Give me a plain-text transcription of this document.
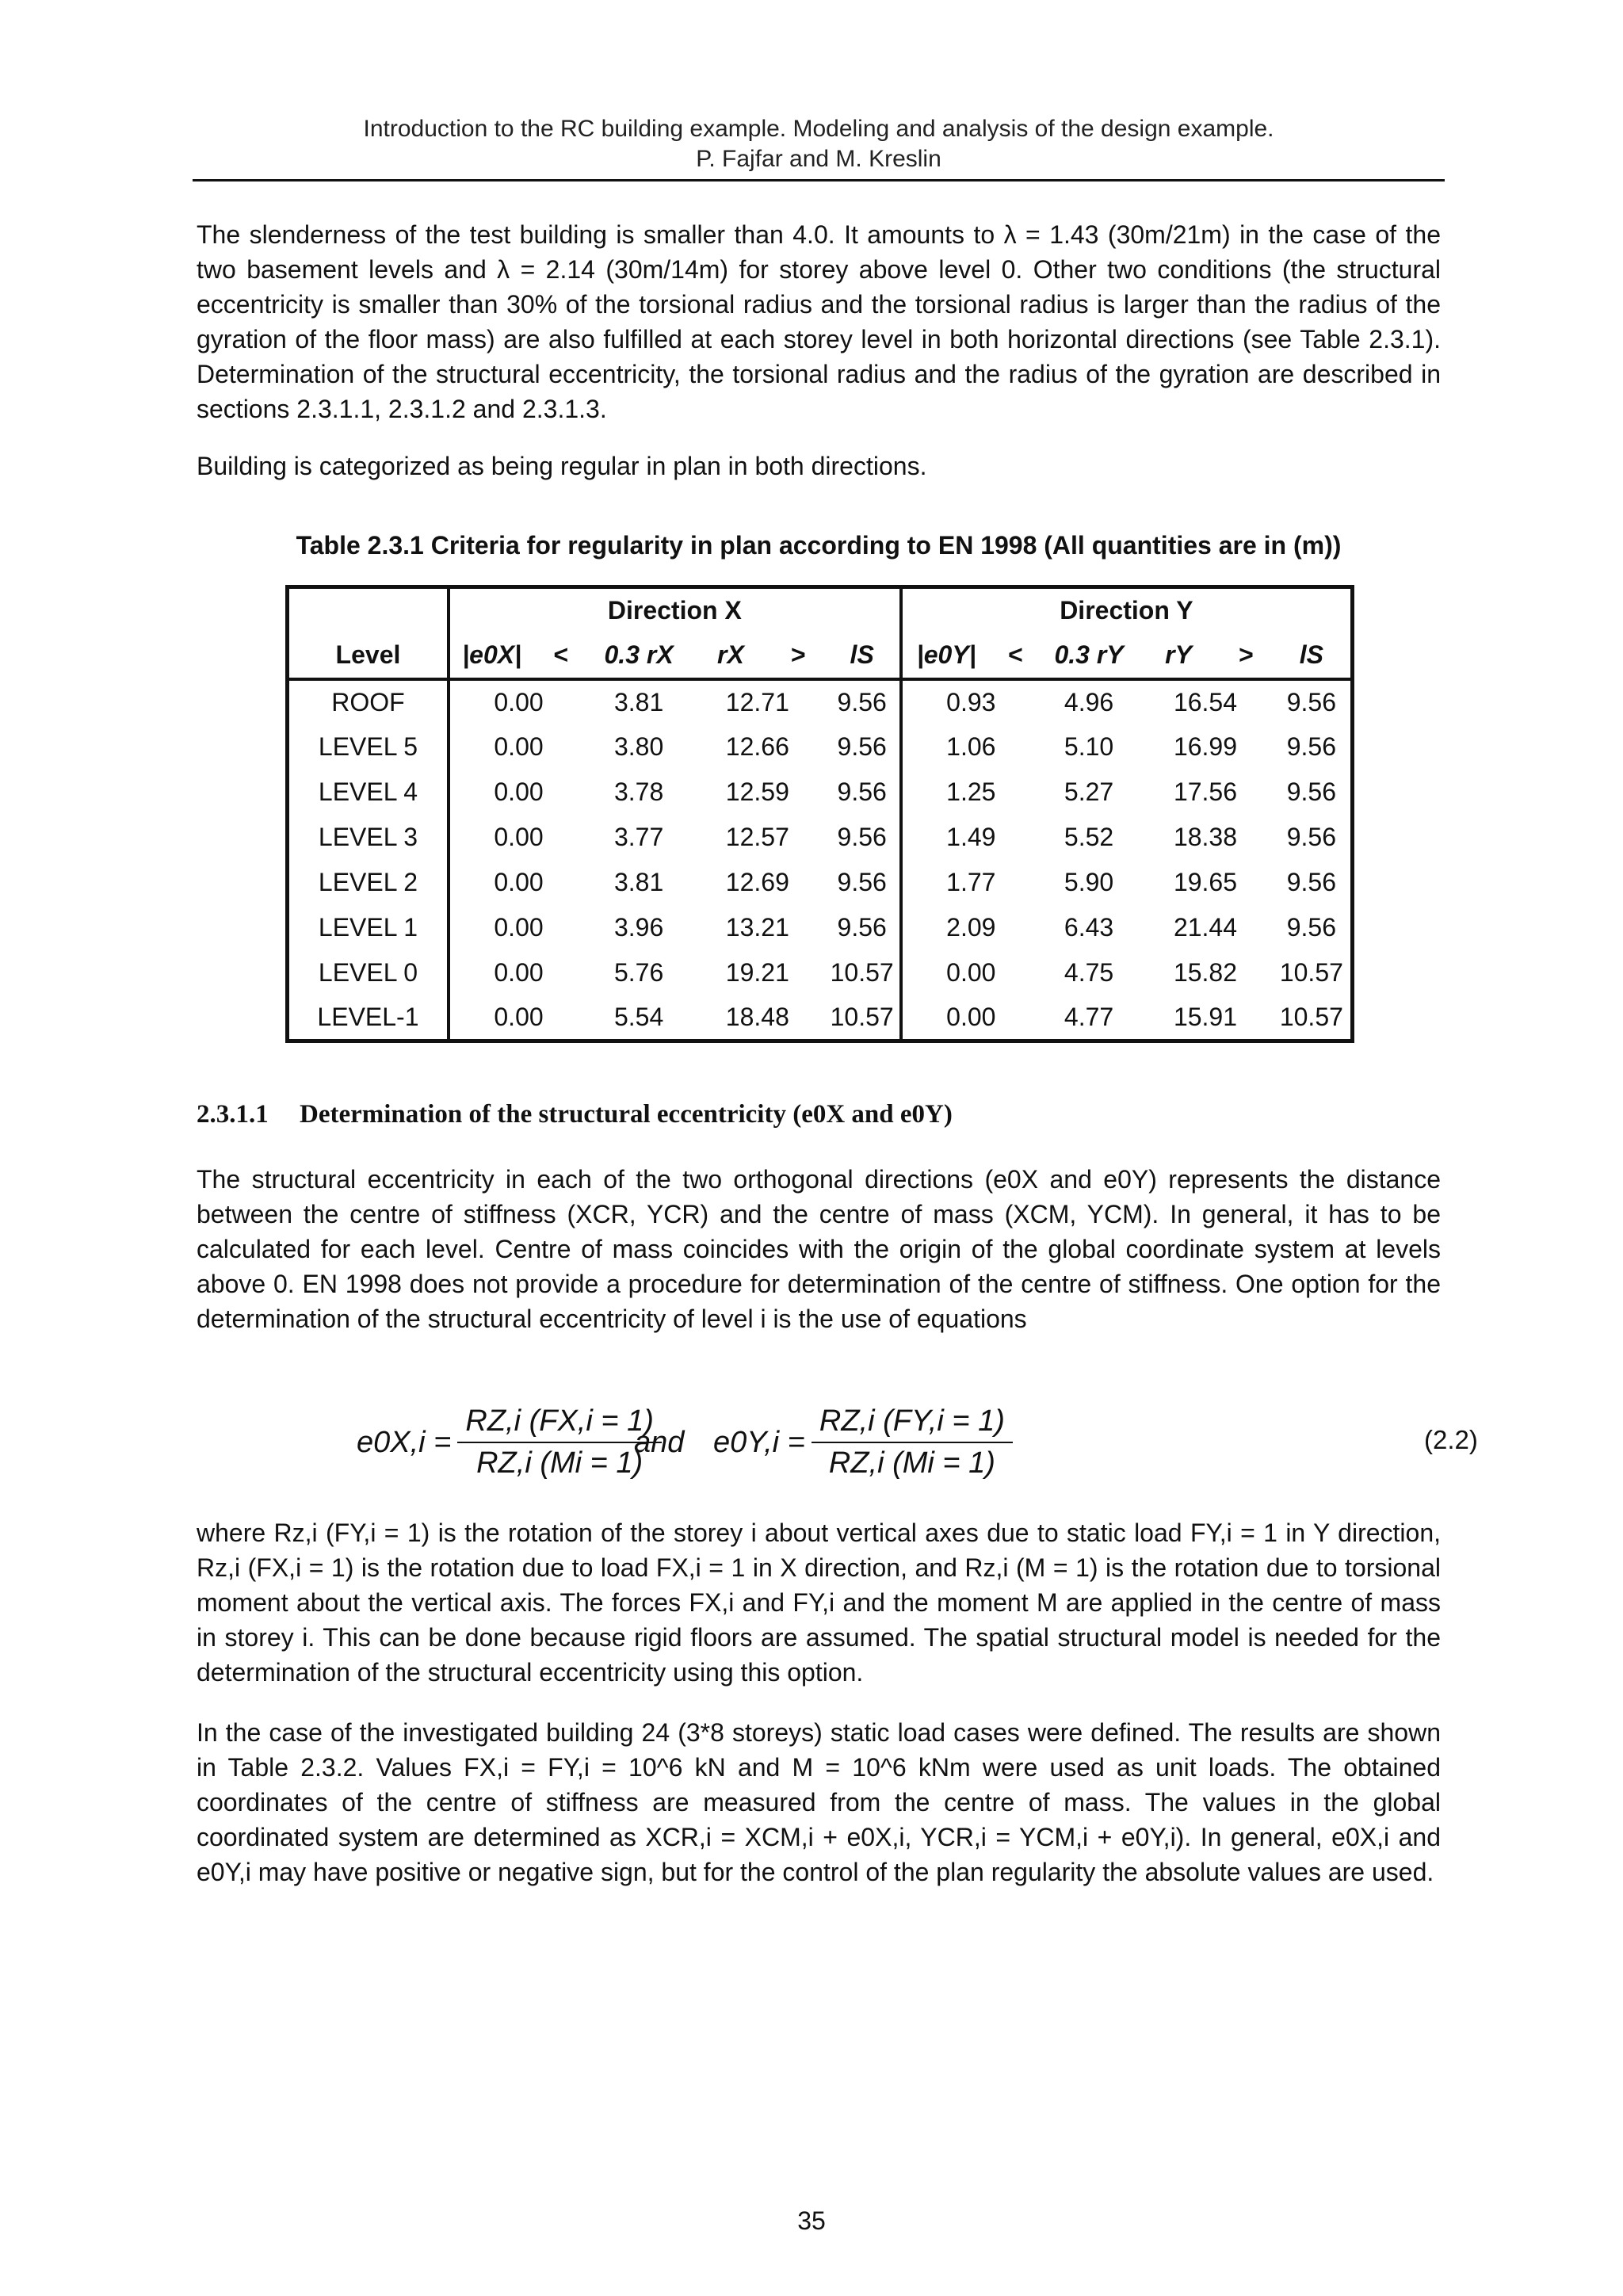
Introduction to the RC building example. Modeling and analysis of the design example.
P. Fajfar and M. Kreslin
The slenderness of the test building is smaller than 4.0. It amounts to λ = 1.43 (30m/21m) in the case of the two basement levels and λ = 2.14 (30m/14m) for storey above level 0. Other two conditions (the structural eccentricity is smaller than 30% of the torsional radius and the torsional radius is larger than the radius of the gyration of the floor mass) are also fulfilled at each storey level in both horizontal directions (see Table 2.3.1). Determination of the structural eccentricity, the torsional radius and the radius of the gyration are described in sections 2.3.1.1, 2.3.1.2 and 2.3.1.3.
Building is categorized as being regular in plan in both directions.
Table 2.3.1 Criteria for regularity in plan according to EN 1998 (All quantities are in (m))
	Direction X						Direction Y					
Level	|e0X|	<	0.3 rX	rX	>	lS	|e0Y|	<	0.3 rY	rY	>	lS
ROOF	0.00		3.81	12.71		9.56	0.93		4.96	16.54		9.56
LEVEL 5	0.00		3.80	12.66		9.56	1.06		5.10	16.99		9.56
LEVEL 4	0.00		3.78	12.59		9.56	1.25		5.27	17.56		9.56
LEVEL 3	0.00		3.77	12.57		9.56	1.49		5.52	18.38		9.56
LEVEL 2	0.00		3.81	12.69		9.56	1.77		5.90	19.65		9.56
LEVEL 1	0.00		3.96	13.21		9.56	2.09		6.43	21.44		9.56
LEVEL 0	0.00		5.76	19.21		10.57	0.00		4.75	15.82		10.57
LEVEL-1	0.00		5.54	18.48		10.57	0.00		4.77	15.91		10.57
2.3.1.1 Determination of the structural eccentricity (e0X and e0Y)
The structural eccentricity in each of the two orthogonal directions (e0X and e0Y) represents the distance between the centre of stiffness (XCR, YCR) and the centre of mass (XCM, YCM). In general, it has to be calculated for each level. Centre of mass coincides with the origin of the global coordinate system at levels above 0. EN 1998 does not provide a procedure for determination of the centre of stiffness. One option for the determination of the structural eccentricity of level i is the use of equations
$e0X,i = \frac{RZ,i (FX,i = 1)}{RZ,i (Mi = 1)}$
and $e0Y,i = \frac{RZ,i (FY,i = 1)}{RZ,i (Mi = 1)}$	(2.2)
where Rz,i (FY,i = 1) is the rotation of the storey i about vertical axes due to static load FY,i = 1 in Y direction, Rz,i (FX,i = 1) is the rotation due to load FX,i = 1 in X direction, and Rz,i (M = 1) is the rotation due to torsional moment about the vertical axis. The forces FX,i and FY,i and the moment M are applied in the centre of mass in storey i. This can be done because rigid floors are assumed. The spatial structural model is needed for the determination of the structural eccentricity using this option.
In the case of the investigated building 24 (3*8 storeys) static load cases were defined. The results are shown in Table 2.3.2. Values FX,i = FY,i = 10^6 kN and M = 10^6 kNm were used as unit loads. The obtained coordinates of the centre of stiffness are measured from the centre of mass. The values in the global coordinated system are determined as XCR,i = XCM,i + e0X,i, YCR,i = YCM,i + e0Y,i). In general, e0X,i and e0Y,i may have positive or negative sign, but for the control of the plan regularity the absolute values are used.
35
